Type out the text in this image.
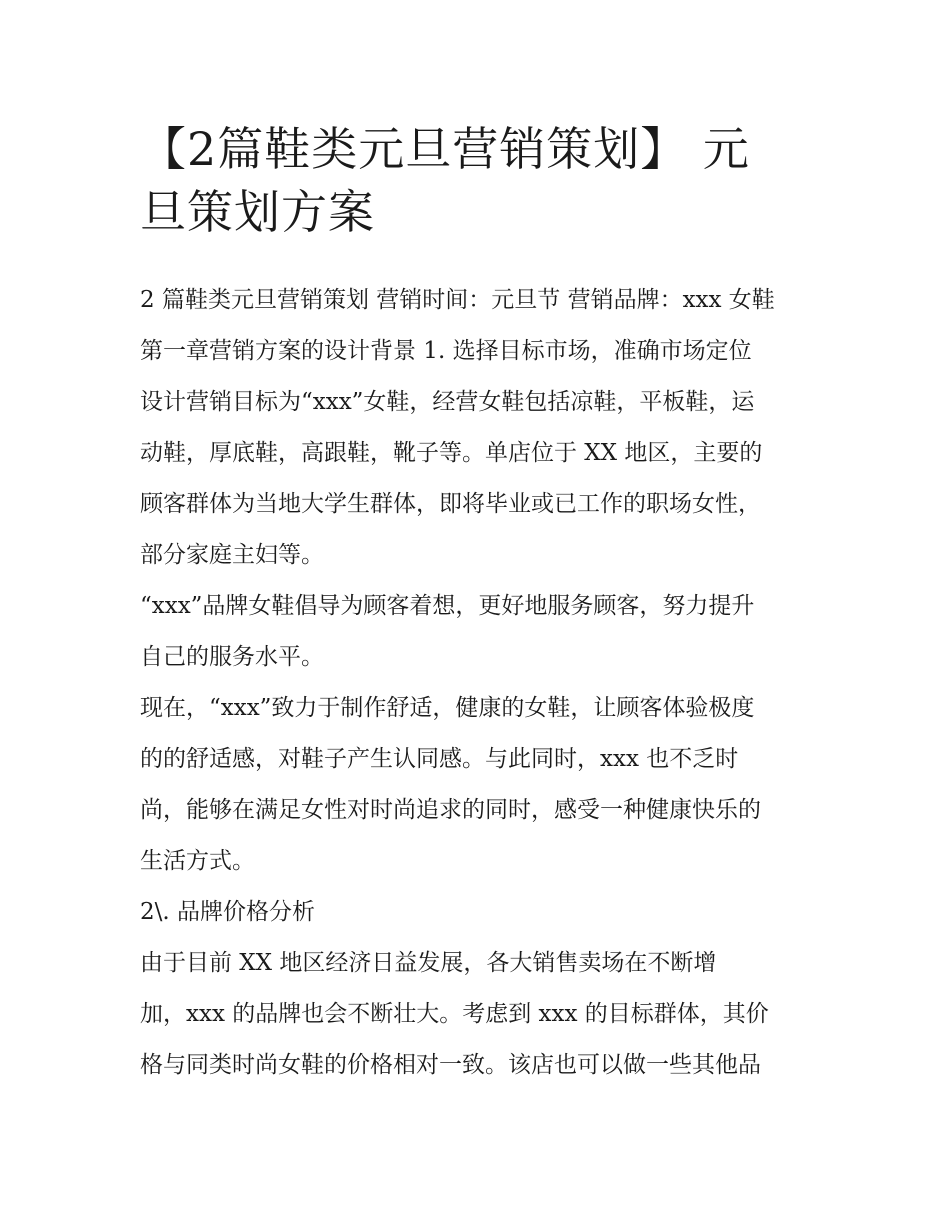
【2篇鞋类元旦营销策划】 元
旦策划方案
2 篇鞋类元旦营销策划 营销时间：元旦节 营销品牌：xxx 女鞋
第一章营销方案的设计背景 1. 选择目标市场，准确市场定位
设计营销目标为“xxx”女鞋，经营女鞋包括凉鞋，平板鞋，运
动鞋，厚底鞋，高跟鞋，靴子等。单店位于 XX 地区，主要的
顾客群体为当地大学生群体，即将毕业或已工作的职场女性，
部分家庭主妇等。
“xxx”品牌女鞋倡导为顾客着想，更好地服务顾客，努力提升
自己的服务水平。
现在，“xxx”致力于制作舒适，健康的女鞋，让顾客体验极度
的的舒适感，对鞋子产生认同感。与此同时，xxx 也不乏时
尚，能够在满足女性对时尚追求的同时，感受一种健康快乐的
生活方式。
2\. 品牌价格分析
由于目前 XX 地区经济日益发展，各大销售卖场在不断增
加，xxx 的品牌也会不断壮大。考虑到 xxx 的目标群体，其价
格与同类时尚女鞋的价格相对一致。该店也可以做一些其他品
